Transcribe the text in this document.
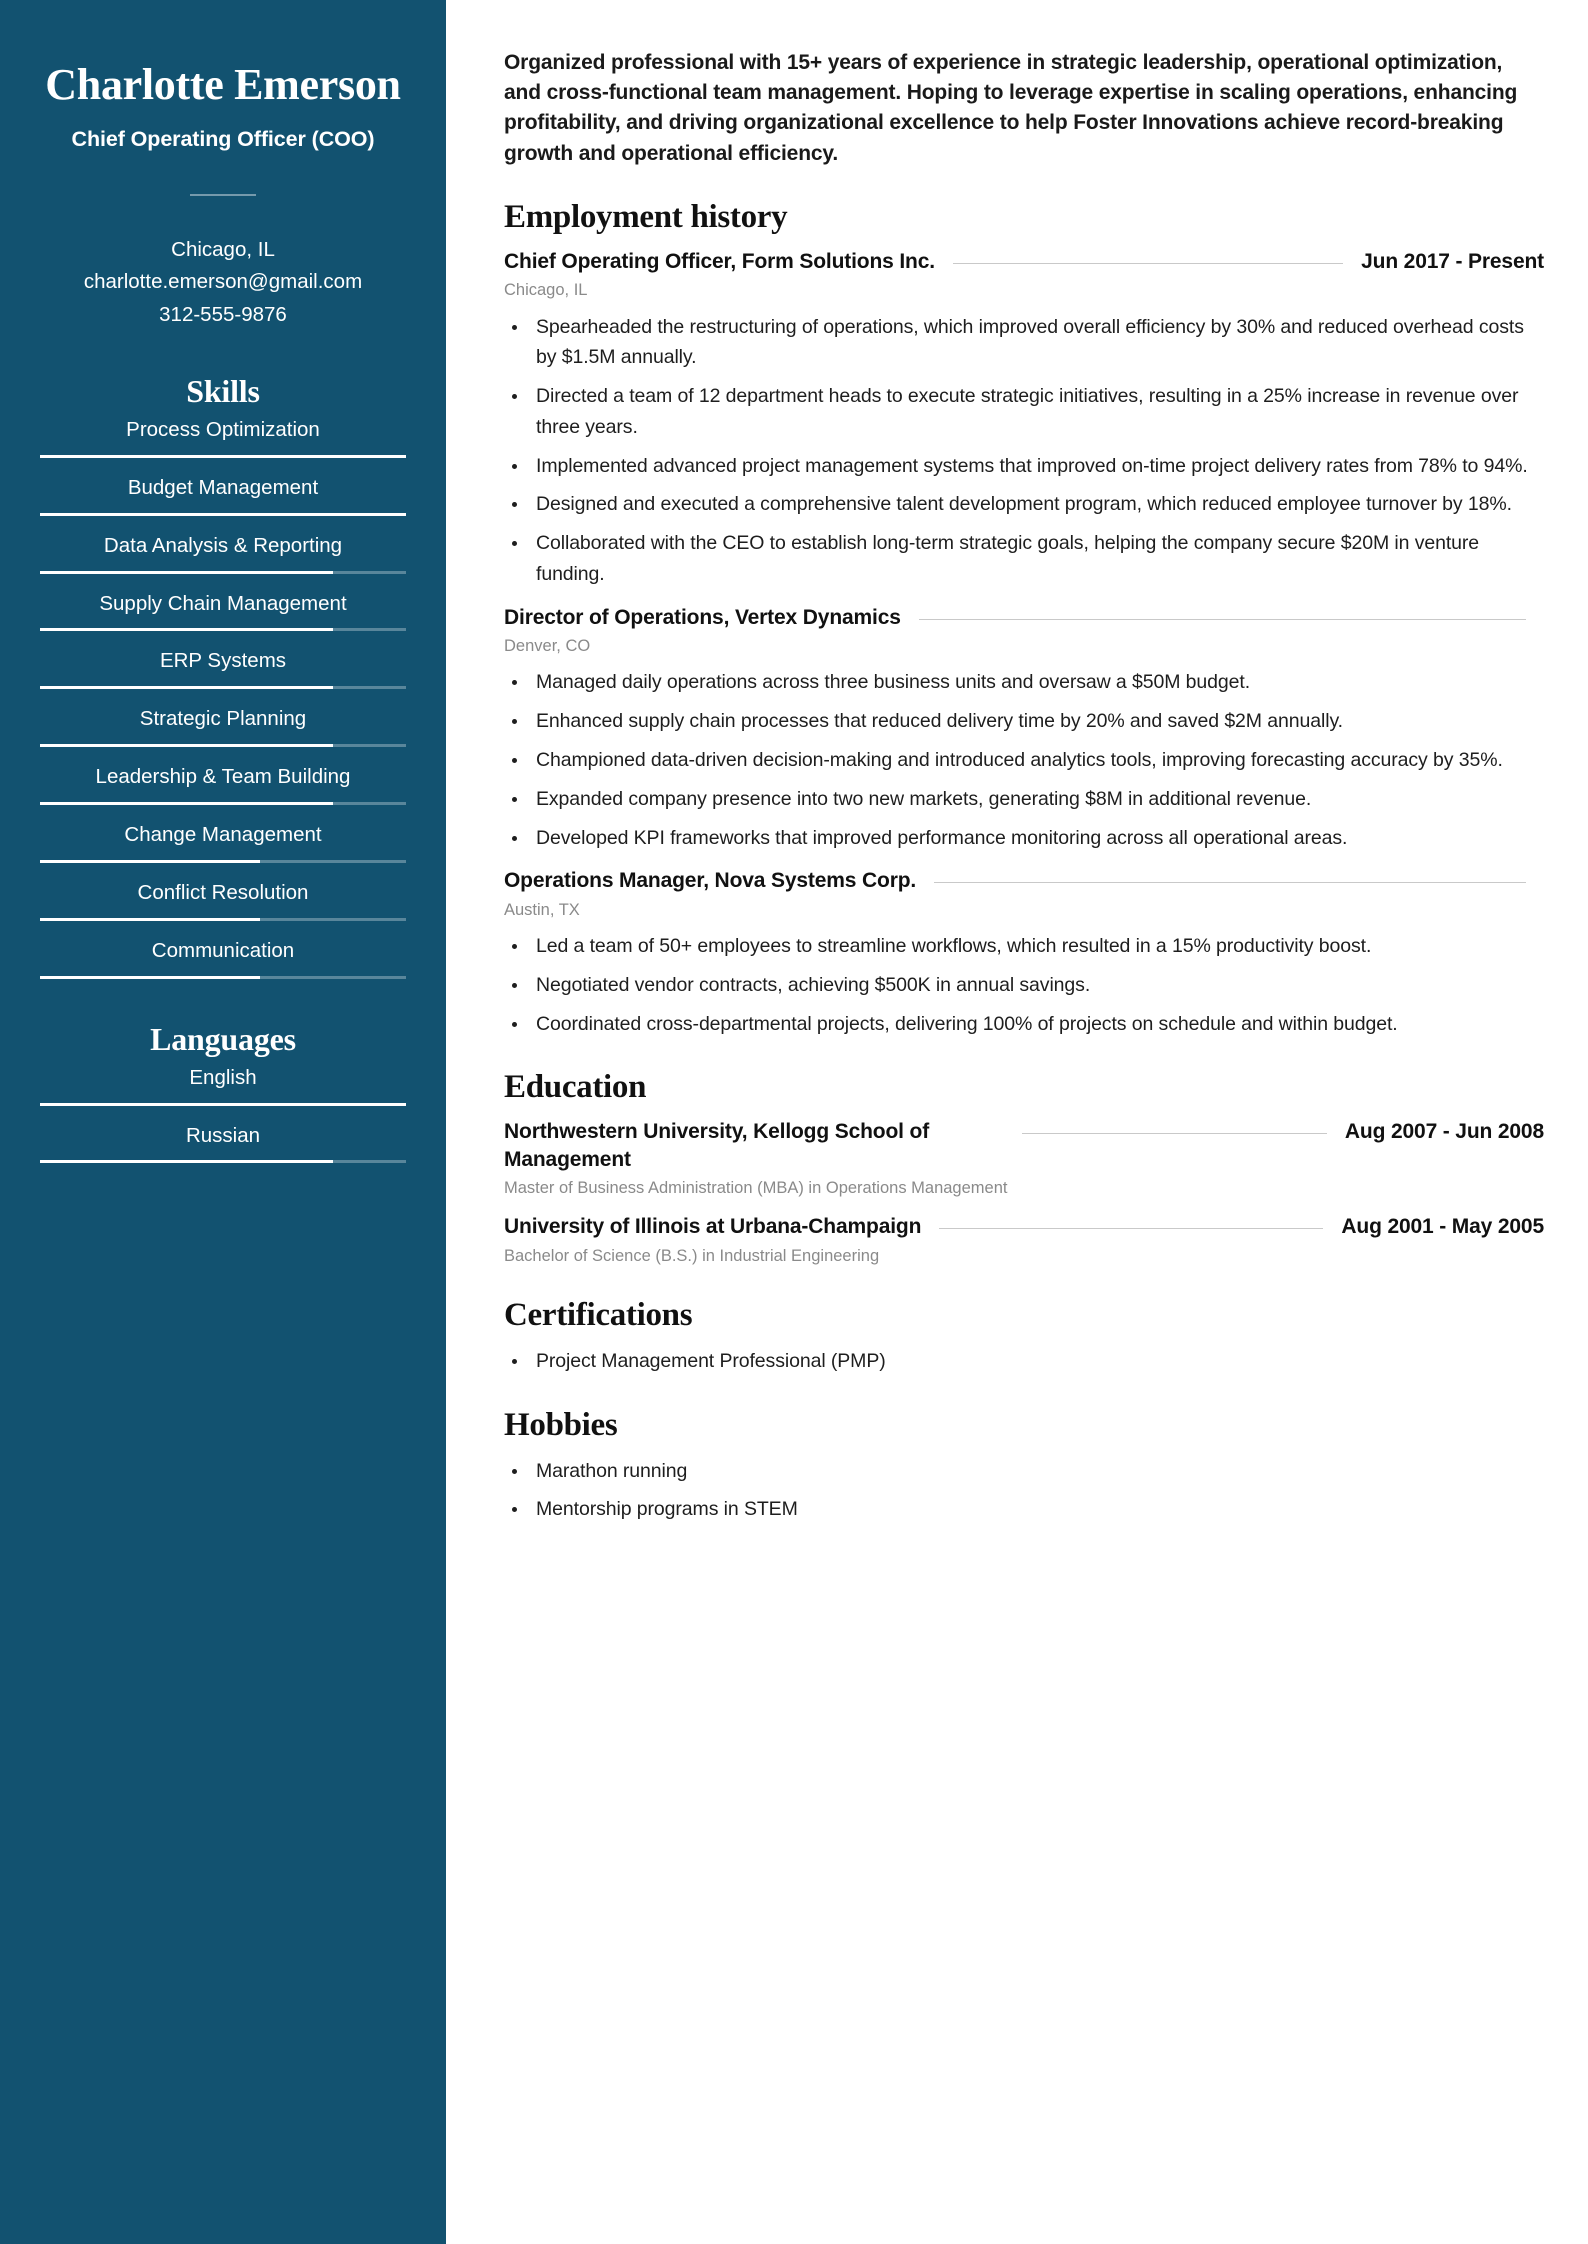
Charlotte Emerson
Chief Operating Officer (COO)
Chicago, IL
charlotte.emerson@gmail.com
312-555-9876
Skills
Process Optimization
Budget Management
Data Analysis & Reporting
Supply Chain Management
ERP Systems
Strategic Planning
Leadership & Team Building
Change Management
Conflict Resolution
Communication
Languages
English
Russian

Organized professional with 15+ years of experience in strategic leadership, operational optimization, and cross-functional team management. Hoping to leverage expertise in scaling operations, enhancing profitability, and driving organizational excellence to help Foster Innovations achieve record-breaking growth and operational efficiency.

Employment history
Chief Operating Officer, Form Solutions Inc.	Jun 2017 - Present
Chicago, IL
Spearheaded the restructuring of operations, which improved overall efficiency by 30% and reduced overhead costs by $1.5M annually.
Directed a team of 12 department heads to execute strategic initiatives, resulting in a 25% increase in revenue over three years.
Implemented advanced project management systems that improved on-time project delivery rates from 78% to 94%.
Designed and executed a comprehensive talent development program, which reduced employee turnover by 18%.
Collaborated with the CEO to establish long-term strategic goals, helping the company secure $20M in venture funding.
Director of Operations, Vertex Dynamics
Denver, CO
Managed daily operations across three business units and oversaw a $50M budget.
Enhanced supply chain processes that reduced delivery time by 20% and saved $2M annually.
Championed data-driven decision-making and introduced analytics tools, improving forecasting accuracy by 35%.
Expanded company presence into two new markets, generating $8M in additional revenue.
Developed KPI frameworks that improved performance monitoring across all operational areas.
Operations Manager, Nova Systems Corp.
Austin, TX
Led a team of 50+ employees to streamline workflows, which resulted in a 15% productivity boost.
Negotiated vendor contracts, achieving $500K in annual savings.
Coordinated cross-departmental projects, delivering 100% of projects on schedule and within budget.
Education
Northwestern University, Kellogg School of Management
Aug 2007 - Jun 2008
Master of Business Administration (MBA) in Operations Management
University of Illinois at Urbana-Champaign	Aug 2001 - May 2005
Bachelor of Science (B.S.) in Industrial Engineering
Certifications
Project Management Professional (PMP)
Hobbies
Marathon running
Mentorship programs in STEM
